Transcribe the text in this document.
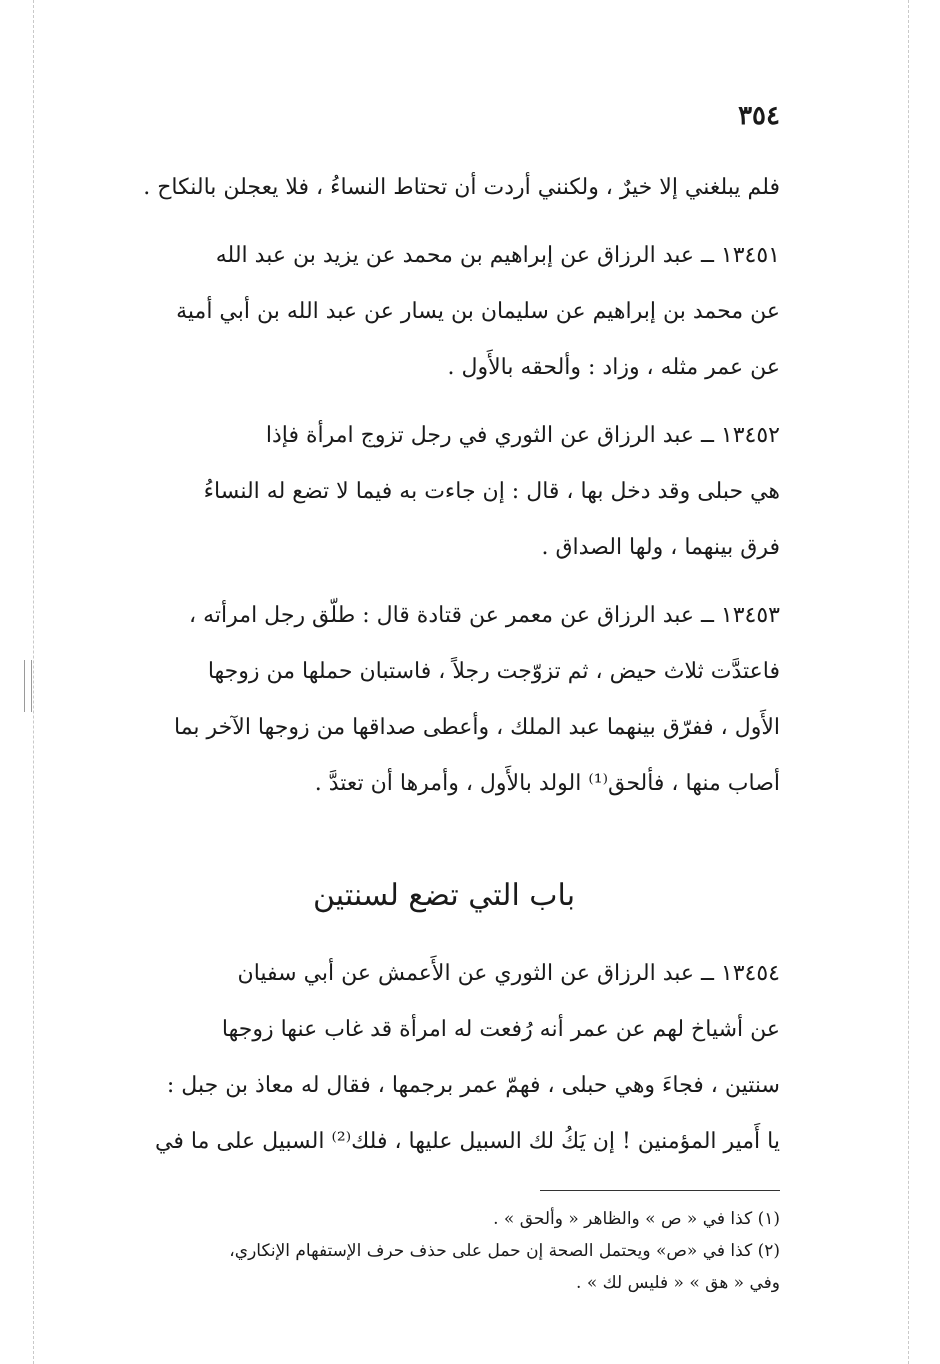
٣٥٤
فلم يبلغني إلا خيرٌ ، ولكنني أردت أن تحتاط النساءُ ، فلا يعجلن بالنكاح .
١٣٤٥١ ــ عبد الرزاق عن إبراهيم بن محمد عن يزيد بن عبد الله
عن محمد بن إبراهيم عن سليمان بن يسار عن عبد الله بن أبي أمية
عن عمر مثله ، وزاد : وألحقه بالأَول .
١٣٤٥٢ ــ عبد الرزاق عن الثوري في رجل تزوج امرأة فإذا
هي حبلى وقد دخل بها ، قال : إن جاءت به فيما لا تضع له النساءُ
فرق بينهما ، ولها الصداق .
١٣٤٥٣ ــ عبد الرزاق عن معمر عن قتادة قال : طلّق رجل امرأته ،
فاعتدَّت ثلاث حيض ، ثم تزوّجت رجلاً ، فاستبان حملها من زوجها
الأَول ، ففرّق بينهما عبد الملك ، وأعطى صداقها من زوجها الآخر بما
أصاب منها ، فألحق⁽¹⁾ الولد بالأَول ، وأمرها أن تعتدَّ .
باب التي تضع لسنتين
١٣٤٥٤ ــ عبد الرزاق عن الثوري عن الأَعمش عن أبي سفيان
عن أشياخ لهم عن عمر أنه رُفعت له امرأة قد غاب عنها زوجها
سنتين ، فجاءَ وهي حبلى ، فهمّ عمر برجمها ، فقال له معاذ بن جبل :
يا أَمير المؤمنين ! إن يَكُ لك السبيل عليها ، فلك⁽²⁾ السبيل على ما في
(١) كذا في « ص » والظاهر « وألحق » .
(٢) كذا في «ص» ويحتمل الصحة إن حمل على حذف حرف الإستفهام الإنكاري،
وفي « هق » « فليس لك » .
